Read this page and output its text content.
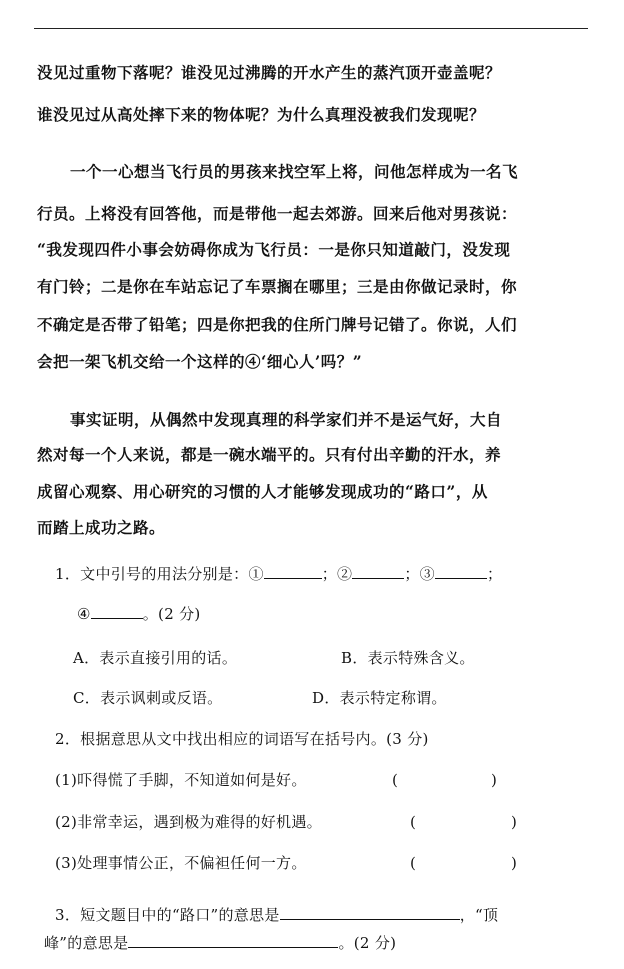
没见过重物下落呢？谁没见过沸腾的开水产生的蒸汽顶开壶盖呢？
谁没见过从高处摔下来的物体呢？为什么真理没被我们发现呢？
一个一心想当飞行员的男孩来找空军上将，问他怎样成为一名飞
行员。上将没有回答他，而是带他一起去郊游。回来后他对男孩说：
“我发现四件小事会妨碍你成为飞行员：一是你只知道敲门，没发现
有门铃；二是你在车站忘记了车票搁在哪里；三是由你做记录时，你
不确定是否带了铅笔；四是你把我的住所门牌号记错了。你说，人们
会把一架飞机交给一个这样的④‘细心人’吗？”
事实证明，从偶然中发现真理的科学家们并不是运气好，大自
然对每一个人来说，都是一碗水端平的。只有付出辛勤的汗水，养
成留心观察、用心研究的习惯的人才能够发现成功的“路口”，从
而踏上成功之路。
1．文中引号的用法分别是：①	；②	；③	；
④	。(2 分)
A．表示直接引用的话。	B．表示特殊含义。
C．表示讽刺或反语。	D．表示特定称谓。
2．根据意思从文中找出相应的词语写在括号内。(3 分)
(1)吓得慌了手脚，不知道如何是好。	(	)
(2)非常幸运，遇到极为难得的好机遇。	(	)
(3)处理事情公正，不偏袒任何一方。	(	)
3．短文题目中的“路口”的意思是	，“顶
峰”的意思是	。(2 分)
